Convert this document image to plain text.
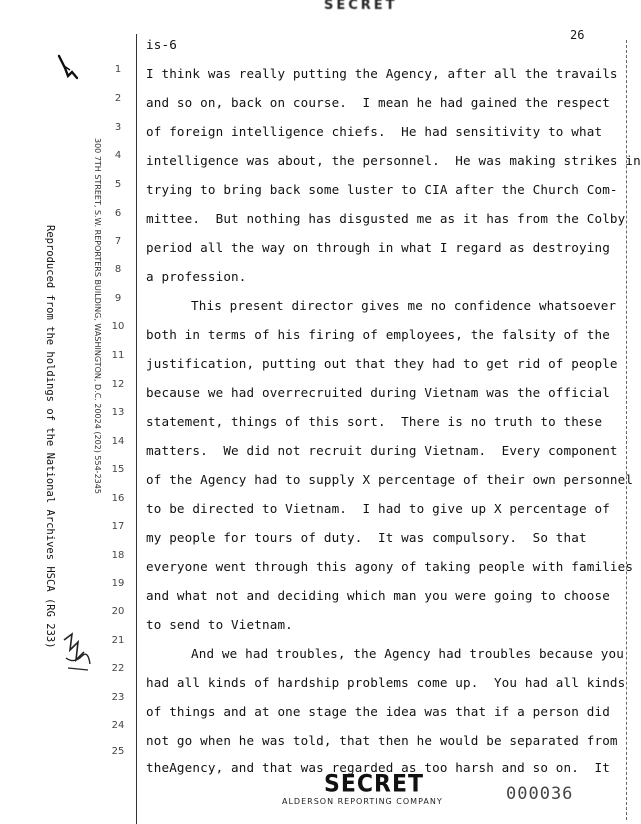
SECRET
26
1
2
3
4
5
6
7
8
9
10
11
12
13
14
15
16
17
18
19
20
21
22
23
24
25
300 7TH STREET, S.W. REPORTERS BUILDING, WASHINGTON, D.C. 20024 (202) 554-2345
Reproduced from the holdings of the National Archives HSCA (RG 233)
is-6
I think was really putting the Agency, after all the travails
and so on, back on course.  I mean he had gained the respect
of foreign intelligence chiefs.  He had sensitivity to what
intelligence was about, the personnel.  He was making strikes in
trying to bring back some luster to CIA after the Church Com-
mittee.  But nothing has disgusted me as it has from the Colby
period all the way on through in what I regard as destroying
a profession.
This present director gives me no confidence whatsoever
both in terms of his firing of employees, the falsity of the
justification, putting out that they had to get rid of people
because we had overrecruited during Vietnam was the official
statement, things of this sort.  There is no truth to these
matters.  We did not recruit during Vietnam.  Every component
of the Agency had to supply X percentage of their own personnel
to be directed to Vietnam.  I had to give up X percentage of
my people for tours of duty.  It was compulsory.  So that
everyone went through this agony of taking people with families
and what not and deciding which man you were going to choose
to send to Vietnam.
And we had troubles, the Agency had troubles because you
had all kinds of hardship problems come up.  You had all kinds
of things and at one stage the idea was that if a person did
not go when he was told, that then he would be separated from
theAgency, and that was regarded as too harsh and so on.  It
SECRET
ALDERSON REPORTING COMPANY	000036
